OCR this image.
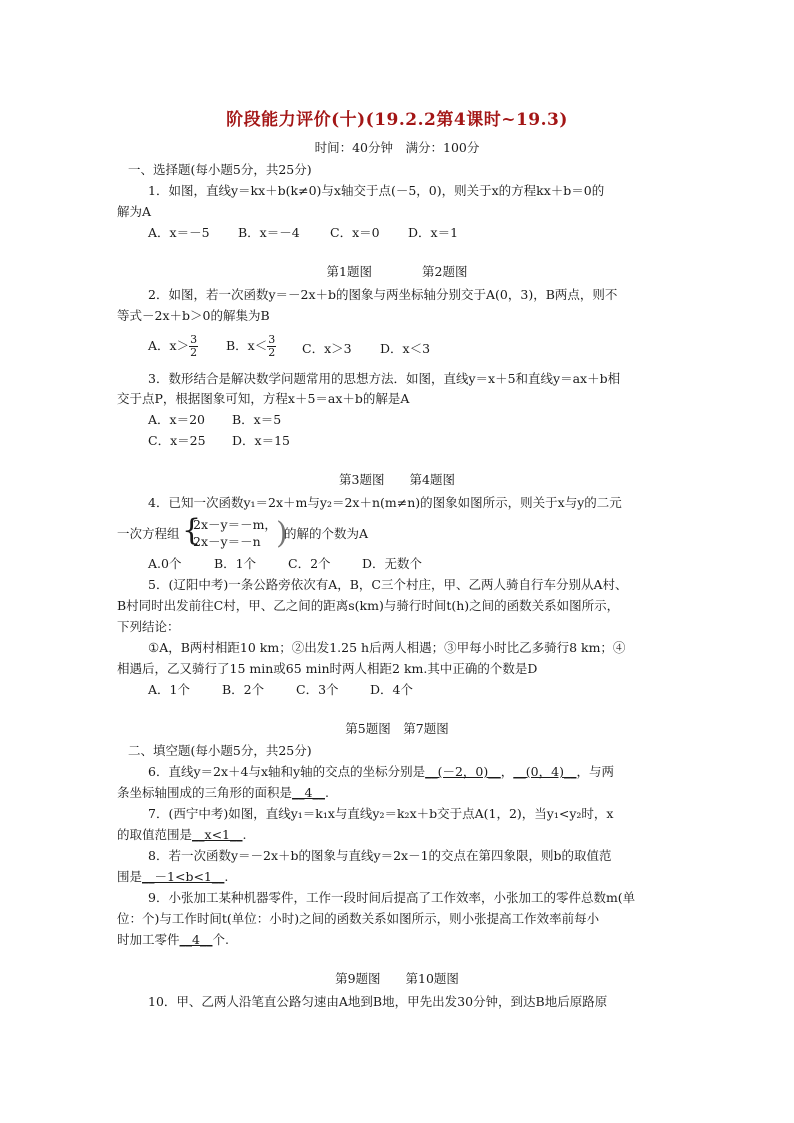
阶段能力评价(十)(19.2.2第4课时~19.3)
时间：40分钟　满分：100分
一、选择题(每小题5分，共25分)
1．如图，直线y＝kx＋b(k≠0)与x轴交于点(－5，0)，则关于x的方程kx＋b＝0的
解为A
A．x＝－5 B．x＝－4 C．x＝0 D．x＝1
第1题图　　　　第2题图
2．如图，若一次函数y＝－2x＋b的图象与两坐标轴分别交于A(0，3)，B两点，则不
等式－2x＋b＞0的解集为B
A．$x> \frac{3}{2}$ B．$x< \frac{3}{2}$ C．x＞3 D．x＜3
3．数形结合是解决数学问题常用的思想方法．如图，直线y＝x＋5和直线y＝ax＋b相
交于点P，根据图象可知，方程x＋5＝ax＋b的解是A
A．x＝20 B．x＝5
C．x＝25 D．x＝15
第3题图　　第4题图
4．已知一次函数y₁＝2x＋m与y₂＝2x＋n(m≠n)的图象如图所示，则关于x与y的二元
一次方程组 {
2x－y＝－m，
2x－y＝－n )
的解的个数为A
A.0个	B．1个	C．2个	D．无数个
5．(辽阳中考)一条公路旁依次有A，B，C三个村庄，甲、乙两人骑自行车分别从A村、
B村同时出发前往C村，甲、乙之间的距离s(km)与骑行时间t(h)之间的函数关系如图所示，
下列结论：
①A，B两村相距10 km；②出发1.25 h后两人相遇；③甲每小时比乙多骑行8 km；④
相遇后，乙又骑行了15 min或65 min时两人相距2 km.其中正确的个数是D
A．1个	B．2个	C．3个	D．4个
第5题图　第7题图
二、填空题(每小题5分，共25分)
6．直线y＝2x＋4与x轴和y轴的交点的坐标分别是__(－2，0)__，__(0，4)__，与两
条坐标轴围成的三角形的面积是__4__.
7．(西宁中考)如图，直线y₁＝k₁x与直线y₂＝k₂x＋b交于点A(1，2)，当y₁<y₂时，x
的取值范围是__x<1__.
8．若一次函数y＝－2x＋b的图象与直线y＝2x－1的交点在第四象限，则b的取值范
围是__－1<b<1__.
9．小张加工某种机器零件，工作一段时间后提高了工作效率，小张加工的零件总数m(单
位：个)与工作时间t(单位：小时)之间的函数关系如图所示，则小张提高工作效率前每小
时加工零件__4__个.
第9题图　　第10题图
10．甲、乙两人沿笔直公路匀速由A地到B地，甲先出发30分钟，到达B地后原路原
